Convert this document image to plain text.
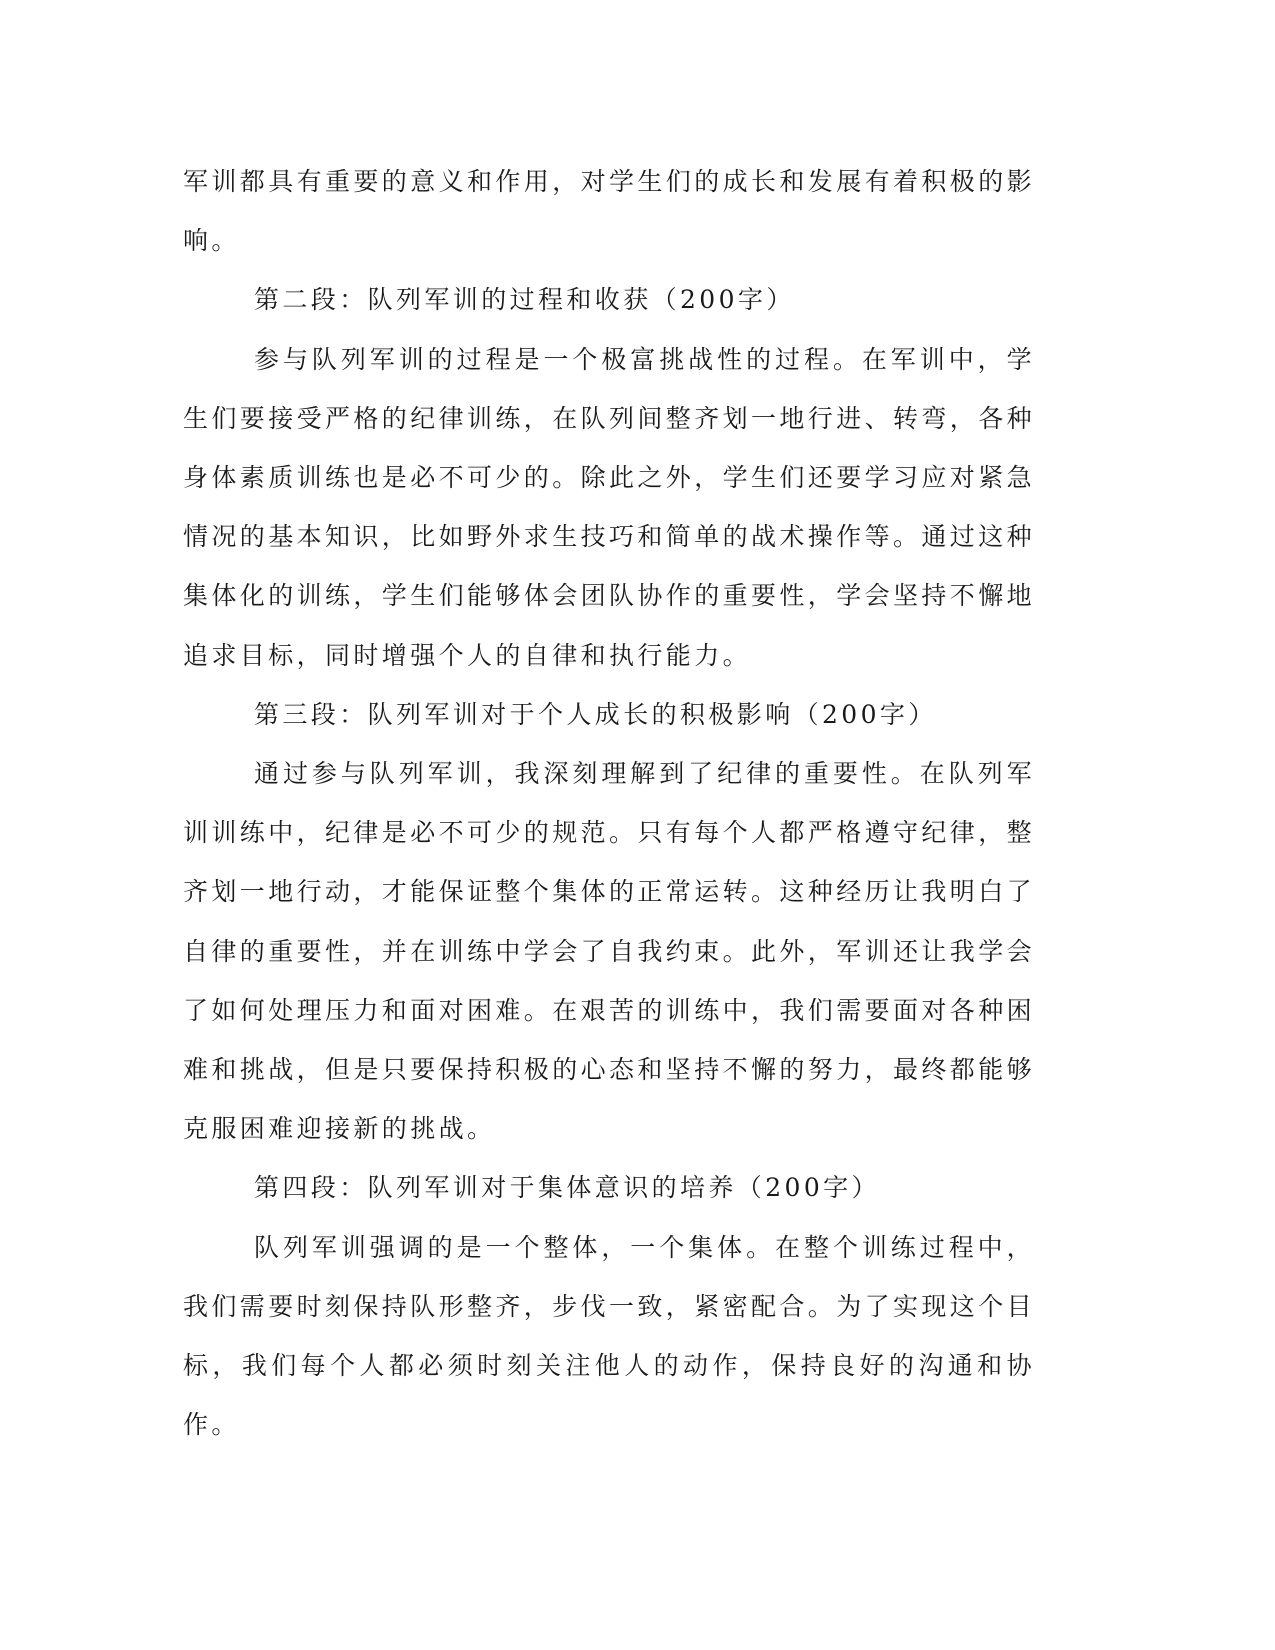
军训都具有重要的意义和作用，对学生们的成长和发展有着积极的影响。

第二段：队列军训的过程和收获（200字）

参与队列军训的过程是一个极富挑战性的过程。在军训中，学生们要接受严格的纪律训练，在队列间整齐划一地行进、转弯，各种身体素质训练也是必不可少的。除此之外，学生们还要学习应对紧急情况的基本知识，比如野外求生技巧和简单的战术操作等。通过这种集体化的训练，学生们能够体会团队协作的重要性，学会坚持不懈地追求目标，同时增强个人的自律和执行能力。

第三段：队列军训对于个人成长的积极影响（200字）

通过参与队列军训，我深刻理解到了纪律的重要性。在队列军训训练中，纪律是必不可少的规范。只有每个人都严格遵守纪律，整齐划一地行动，才能保证整个集体的正常运转。这种经历让我明白了自律的重要性，并在训练中学会了自我约束。此外，军训还让我学会了如何处理压力和面对困难。在艰苦的训练中，我们需要面对各种困难和挑战，但是只要保持积极的心态和坚持不懈的努力，最终都能够克服困难迎接新的挑战。

第四段：队列军训对于集体意识的培养（200字）

队列军训强调的是一个整体，一个集体。在整个训练过程中，我们需要时刻保持队形整齐，步伐一致，紧密配合。为了实现这个目标，我们每个人都必须时刻关注他人的动作，保持良好的沟通和协作。
